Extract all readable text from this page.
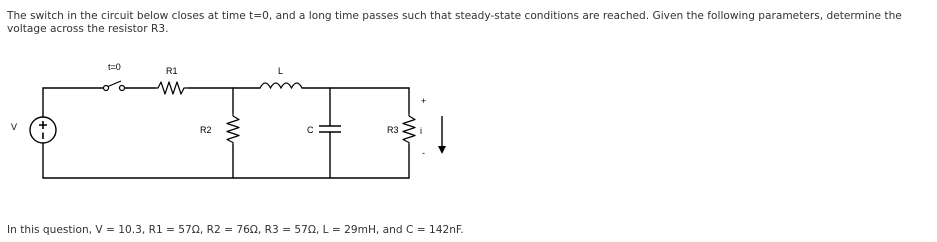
The switch in the circuit below closes at time t=0, and a long time passes such that steady-state conditions are reached. Given the following parameters, determine the voltage across the resistor R3.

t=0	R1	L
V	R2	C	R3 i
+
-

In this question, V = 10.3, R1 = 57Ω, R2 = 76Ω, R3 = 57Ω, L = 29mH, and C = 142nF.
